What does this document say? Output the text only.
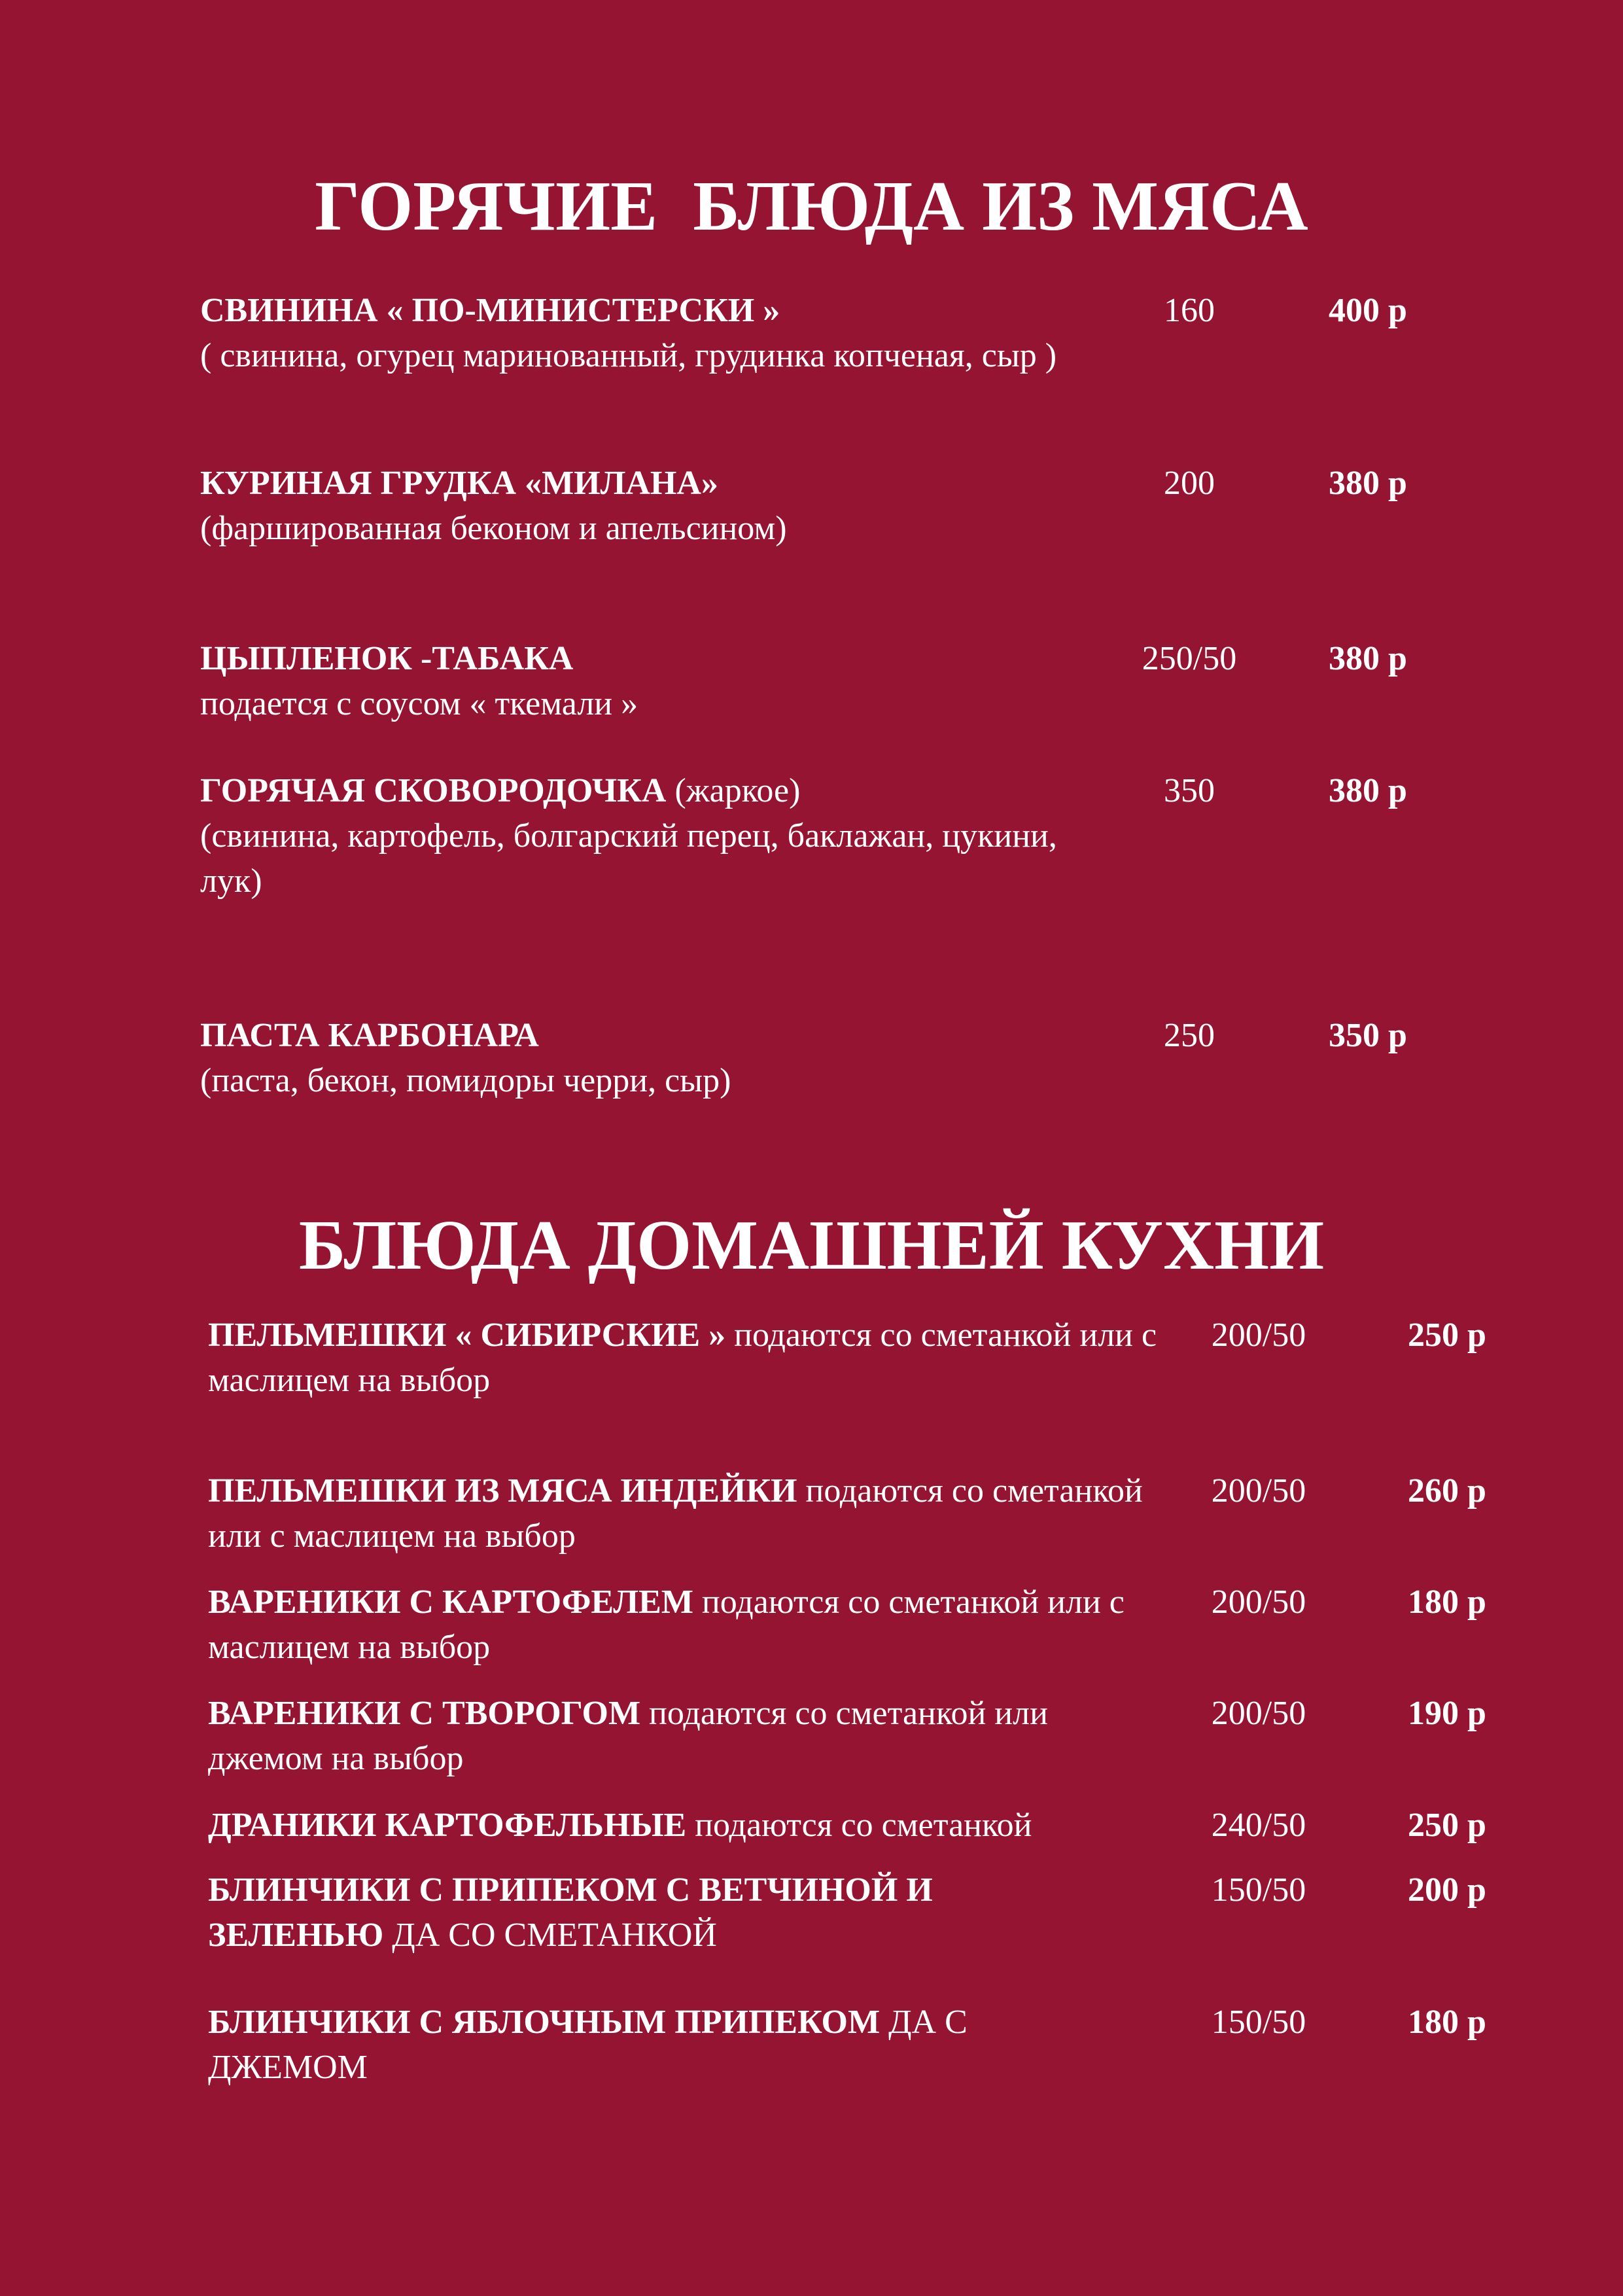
ГОРЯЧИЕ  БЛЮДА ИЗ МЯСА
СВИНИНА « ПО-МИНИСТЕРСКИ »
( свинина, огурец маринованный, грудинка копченая, сыр )
160	400 р
КУРИНАЯ ГРУДКА «МИЛАНА»
(фаршированная беконом и апельсином)
200	380 р
ЦЫПЛЕНОК -ТАБАКА
подается с соусом « ткемали »
250/50	380 р
ГОРЯЧАЯ СКОВОРОДОЧКА (жаркое)
(свинина, картофель, болгарский перец, баклажан, цукини, лук)
350	380 р
ПАСТА КАРБОНАРА
(паста, бекон, помидоры черри, сыр)
250	350 р
БЛЮДА ДОМАШНЕЙ КУХНИ
ПЕЛЬМЕШКИ « СИБИРСКИЕ » подаются со сметанкой или с маслицем на выбор
200/50	250 р
ПЕЛЬМЕШКИ ИЗ МЯСА ИНДЕЙКИ подаются со сметанкой или с маслицем на выбор
200/50	260 р
ВАРЕНИКИ С КАРТОФЕЛЕМ подаются со сметанкой или с маслицем на выбор
200/50	180 р
ВАРЕНИКИ С ТВОРОГОМ подаются со сметанкой или джемом на выбор
200/50	190 р
ДРАНИКИ КАРТОФЕЛЬНЫЕ подаются со сметанкой	240/50	250 р
БЛИНЧИКИ С ПРИПЕКОМ С ВЕТЧИНОЙ И ЗЕЛЕНЬЮ ДА СО СМЕТАНКОЙ
150/50	200 р
БЛИНЧИКИ С ЯБЛОЧНЫМ ПРИПЕКОМ ДА С ДЖЕМОМ
150/50	180 р
